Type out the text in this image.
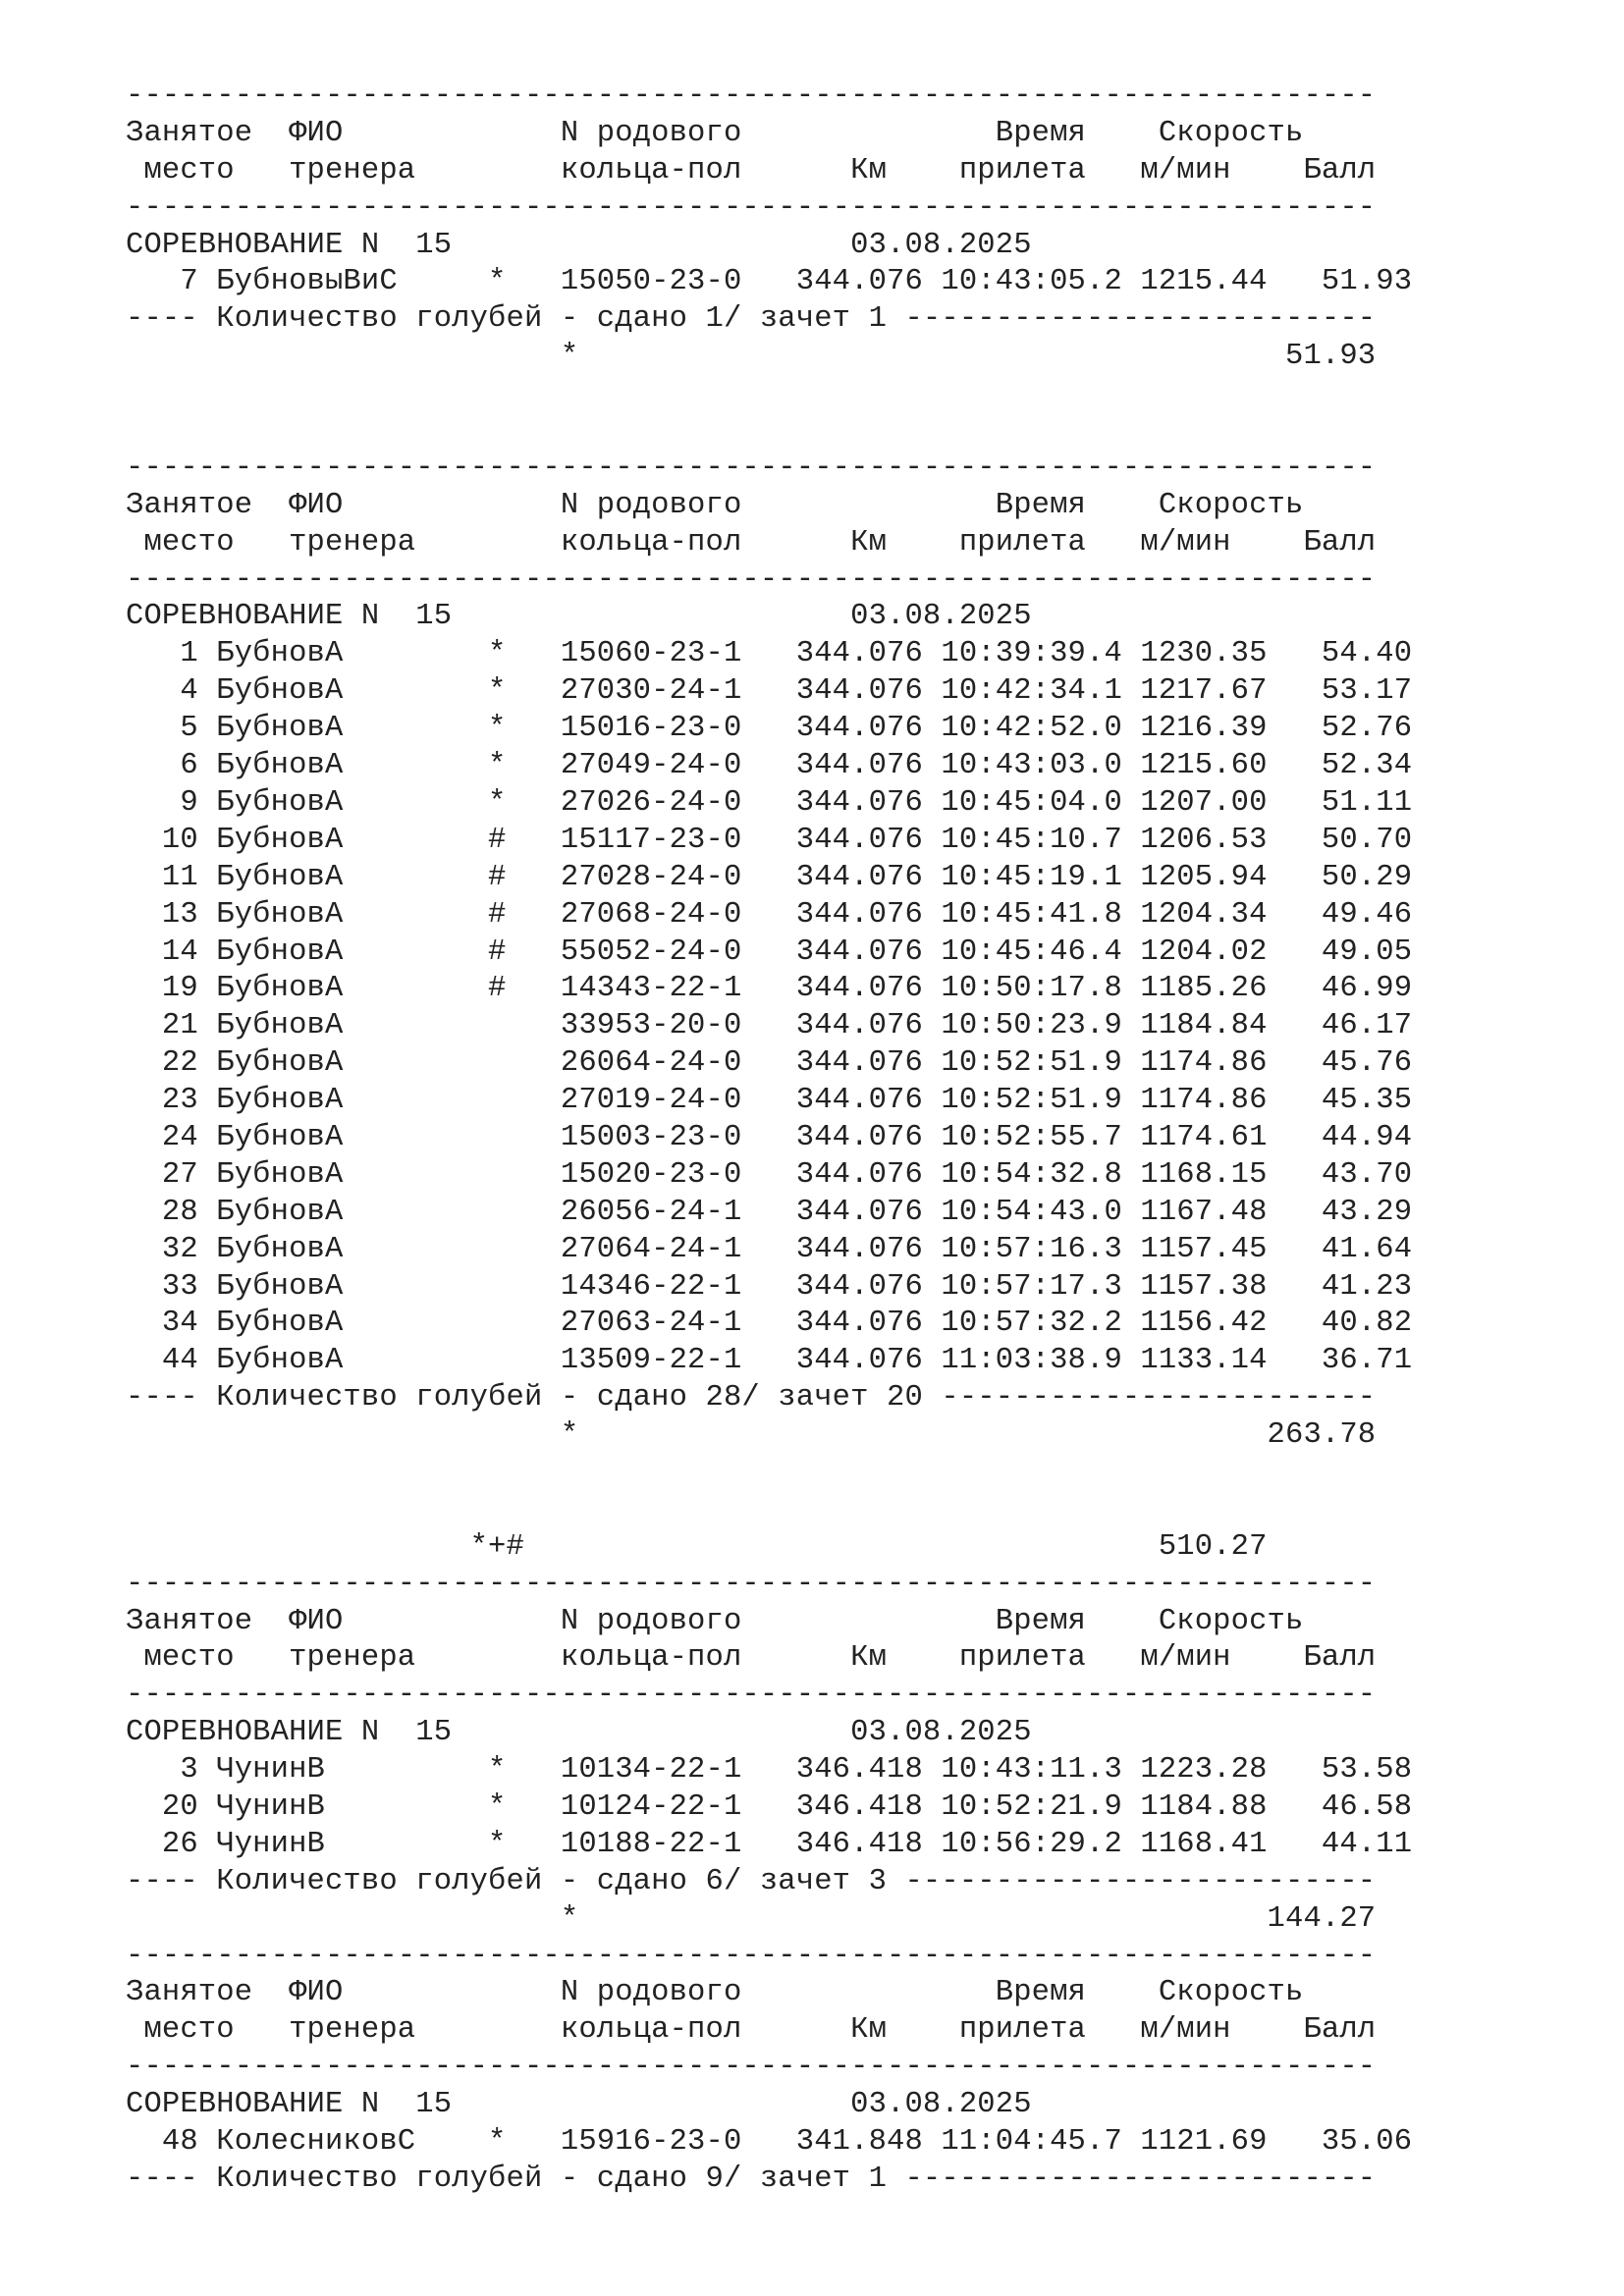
---------------------------------------------------------------------
Занятое  ФИО            N родового              Время    Скорость
место   тренера        кольца-пол      Км    прилета   м/мин    Балл
---------------------------------------------------------------------
СОРЕВНОВАНИЕ N  15                      03.08.2025
7 БубновыВиС     *   15050-23-0   344.076 10:43:05.2 1215.44   51.93
---- Количество голубей - сдано 1/ зачет 1 --------------------------
*                                       51.93
---------------------------------------------------------------------
Занятое  ФИО            N родового              Время    Скорость
место   тренера        кольца-пол      Км    прилета   м/мин    Балл
---------------------------------------------------------------------
СОРЕВНОВАНИЕ N  15                      03.08.2025
1 БубновА        *   15060-23-1   344.076 10:39:39.4 1230.35   54.40
4 БубновА        *   27030-24-1   344.076 10:42:34.1 1217.67   53.17
5 БубновА        *   15016-23-0   344.076 10:42:52.0 1216.39   52.76
6 БубновА        *   27049-24-0   344.076 10:43:03.0 1215.60   52.34
9 БубновА        *   27026-24-0   344.076 10:45:04.0 1207.00   51.11
10 БубновА        #   15117-23-0   344.076 10:45:10.7 1206.53   50.70
11 БубновА        #   27028-24-0   344.076 10:45:19.1 1205.94   50.29
13 БубновА        #   27068-24-0   344.076 10:45:41.8 1204.34   49.46
14 БубновА        #   55052-24-0   344.076 10:45:46.4 1204.02   49.05
19 БубновА        #   14343-22-1   344.076 10:50:17.8 1185.26   46.99
21 БубновА            33953-20-0   344.076 10:50:23.9 1184.84   46.17
22 БубновА            26064-24-0   344.076 10:52:51.9 1174.86   45.76
23 БубновА            27019-24-0   344.076 10:52:51.9 1174.86   45.35
24 БубновА            15003-23-0   344.076 10:52:55.7 1174.61   44.94
27 БубновА            15020-23-0   344.076 10:54:32.8 1168.15   43.70
28 БубновА            26056-24-1   344.076 10:54:43.0 1167.48   43.29
32 БубновА            27064-24-1   344.076 10:57:16.3 1157.45   41.64
33 БубновА            14346-22-1   344.076 10:57:17.3 1157.38   41.23
34 БубновА            27063-24-1   344.076 10:57:32.2 1156.42   40.82
44 БубновА            13509-22-1   344.076 11:03:38.9 1133.14   36.71
---- Количество голубей - сдано 28/ зачет 20 ------------------------
*                                      263.78
*+#                                   510.27
---------------------------------------------------------------------
Занятое  ФИО            N родового              Время    Скорость
место   тренера        кольца-пол      Км    прилета   м/мин    Балл
---------------------------------------------------------------------
СОРЕВНОВАНИЕ N  15                      03.08.2025
3 ЧунинВ         *   10134-22-1   346.418 10:43:11.3 1223.28   53.58
20 ЧунинВ         *   10124-22-1   346.418 10:52:21.9 1184.88   46.58
26 ЧунинВ         *   10188-22-1   346.418 10:56:29.2 1168.41   44.11
---- Количество голубей - сдано 6/ зачет 3 --------------------------
*                                      144.27
---------------------------------------------------------------------
Занятое  ФИО            N родового              Время    Скорость
место   тренера        кольца-пол      Км    прилета   м/мин    Балл
---------------------------------------------------------------------
СОРЕВНОВАНИЕ N  15                      03.08.2025
48 КолесниковС    *   15916-23-0   341.848 11:04:45.7 1121.69   35.06
---- Количество голубей - сдано 9/ зачет 1 --------------------------
